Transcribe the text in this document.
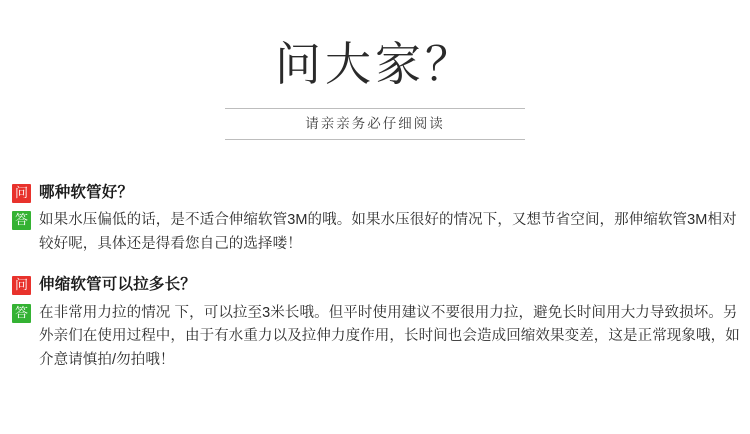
问大家？
请亲亲务必仔细阅读
问 哪种软管好？
答 如果水压偏低的话，是不适合伸缩软管3M的哦。如果水压很好的情况下，又想节省空间，那伸缩软管3M相对较好呢，具体还是得看您自己的选择喽！
问 伸缩软管可以拉多长？
答 在非常用力拉的情况 下，可以拉至3米长哦。但平时使用建议不要很用力拉，避免长时间用大力导致损坏。另外亲们在使用过程中，由于有水重力以及拉伸力度作用，长时间也会造成回缩效果变差，这是正常现象哦，如介意请慎拍/勿拍哦！
